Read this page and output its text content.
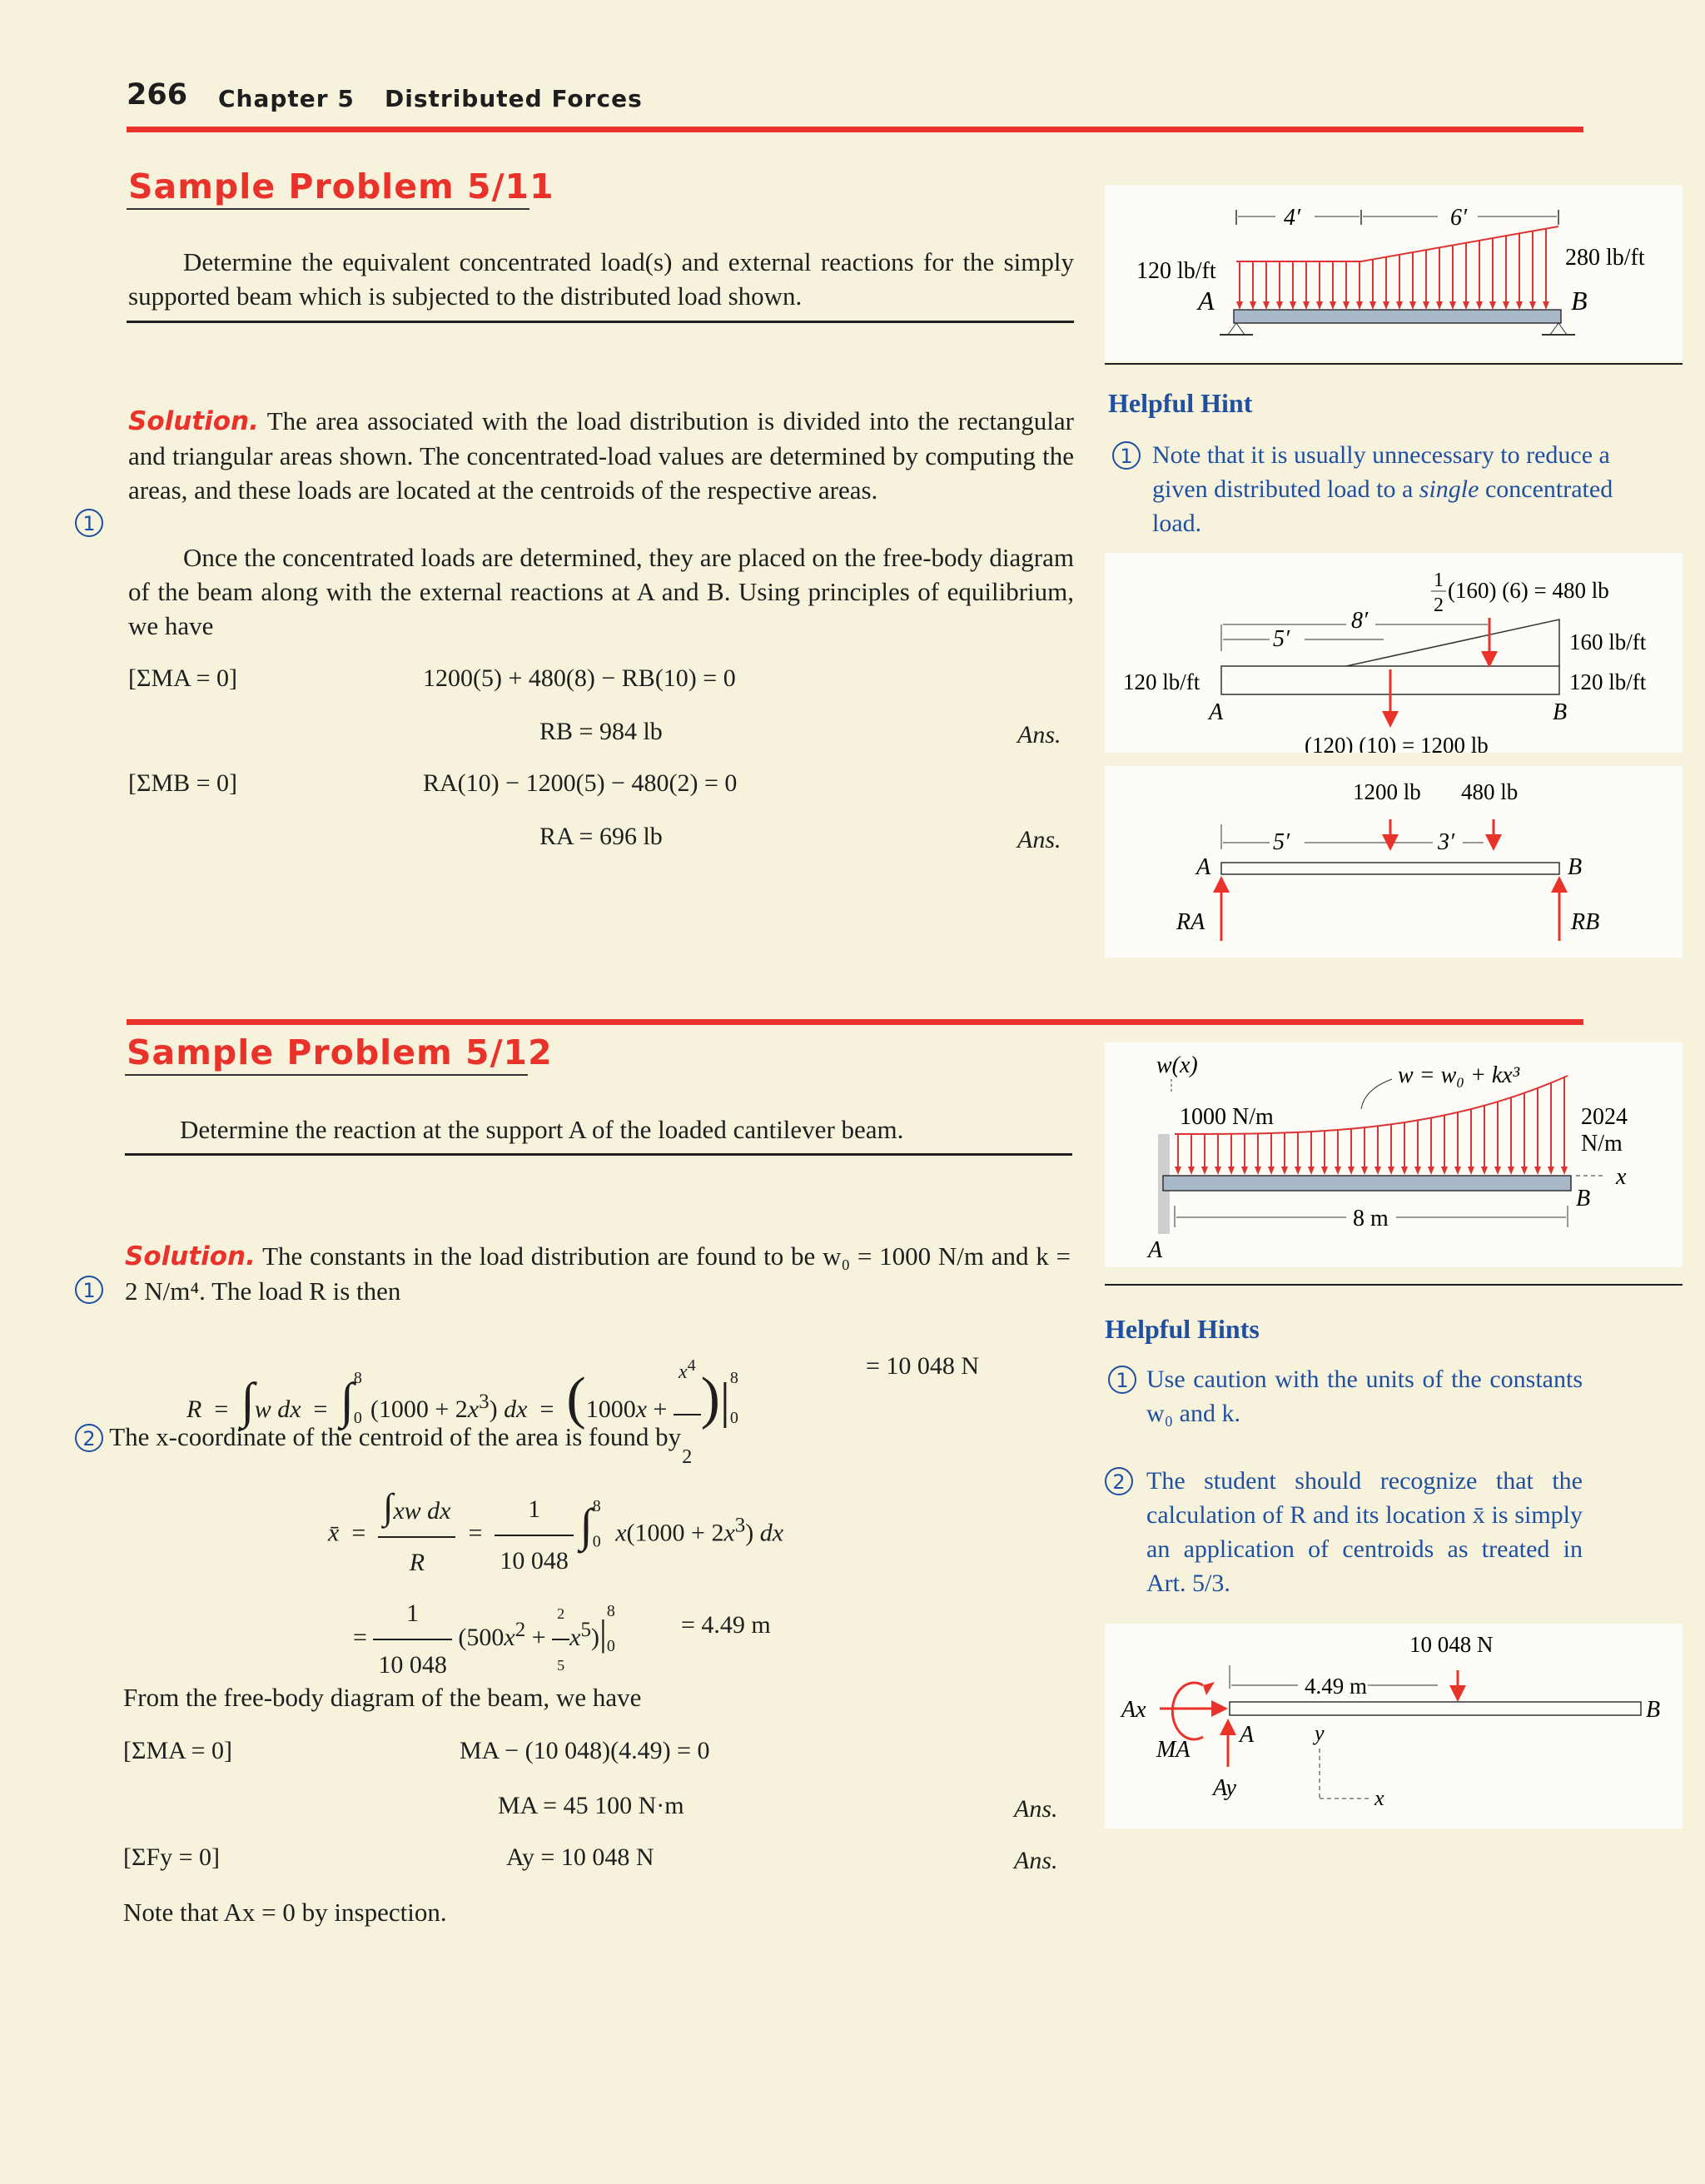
266 Chapter 5 Distributed Forces
Sample Problem 5/11
Determine the equivalent concentrated load(s) and external reactions for the simply supported beam which is subjected to the distributed load shown.
Solution. The area associated with the load distribution is divided into the rectangular and triangular areas shown. The concentrated-load values are determined by computing the areas, and these loads are located at the centroids of the respective areas.
1
Once the concentrated loads are determined, they are placed on the free-body diagram of the beam along with the external reactions at A and B. Using principles of equilibrium, we have
[ΣMA = 0]	1200(5) + 480(8) − RB(10) = 0
RB = 984 lb	Ans.
[ΣMB = 0]	RA(10) − 1200(5) − 480(2) = 0
RA = 696 lb	Ans.
4′	6′
120 lb/ft
280 lb/ft
A	B
Helpful Hint
1 Note that it is usually unnecessary to reduce a given distributed load to a single concentrated load.
5′
8′
1
2
(160) (6) = 480 lb
160 lb/ft
120 lb/ft
120 lb/ft
A	B
(120) (10) = 1200 lb
1200 lb 480 lb
5′	3′
A	B
RA	RB
Sample Problem 5/12
Determine the reaction at the support A of the loaded cantilever beam.
Solution. The constants in the load distribution are found to be w₀ = 1000 N/m and k = 2 N/m⁴. The load R is then
1
R  =  ∫w dx  =  $\int_0^8(1000 + 2x^3)$ dx  =  $(1000x + \frac{x^4}{2} )|_0^8$	= 10 048 N
2 The x-coordinate of the centroid of the area is found by
x̄  = $\frac{\text{∫xw dx}}{R} = \frac{1}{10 048} \int_0^8$ $x(1000 + 2x^3)$ dx
= $\frac{1}{10 048} (500x^2 + \frac{2}{5} x^5)|_0^8$
= 4.49 m
From the free-body diagram of the beam, we have
[ΣMA = 0]	MA − (10 048)(4.49) = 0
MA = 45 100 N·m	Ans.
[ΣFy = 0]	Ay = 10 048 N	Ans.
Note that Ax = 0 by inspection.
w(x)	w = w₀ + kx³
1000 N/m	2024
N/m
8 m
x
B
A
Helpful Hints
1 Use caution with the units of the constants w₀ and k.
2 The student should recognize that the calculation of R and its location x̄ is simply an application of centroids as treated in Art. 5/3.
10 048 N
4.49 m
B
Ax
A
MA
Ay
y
x
